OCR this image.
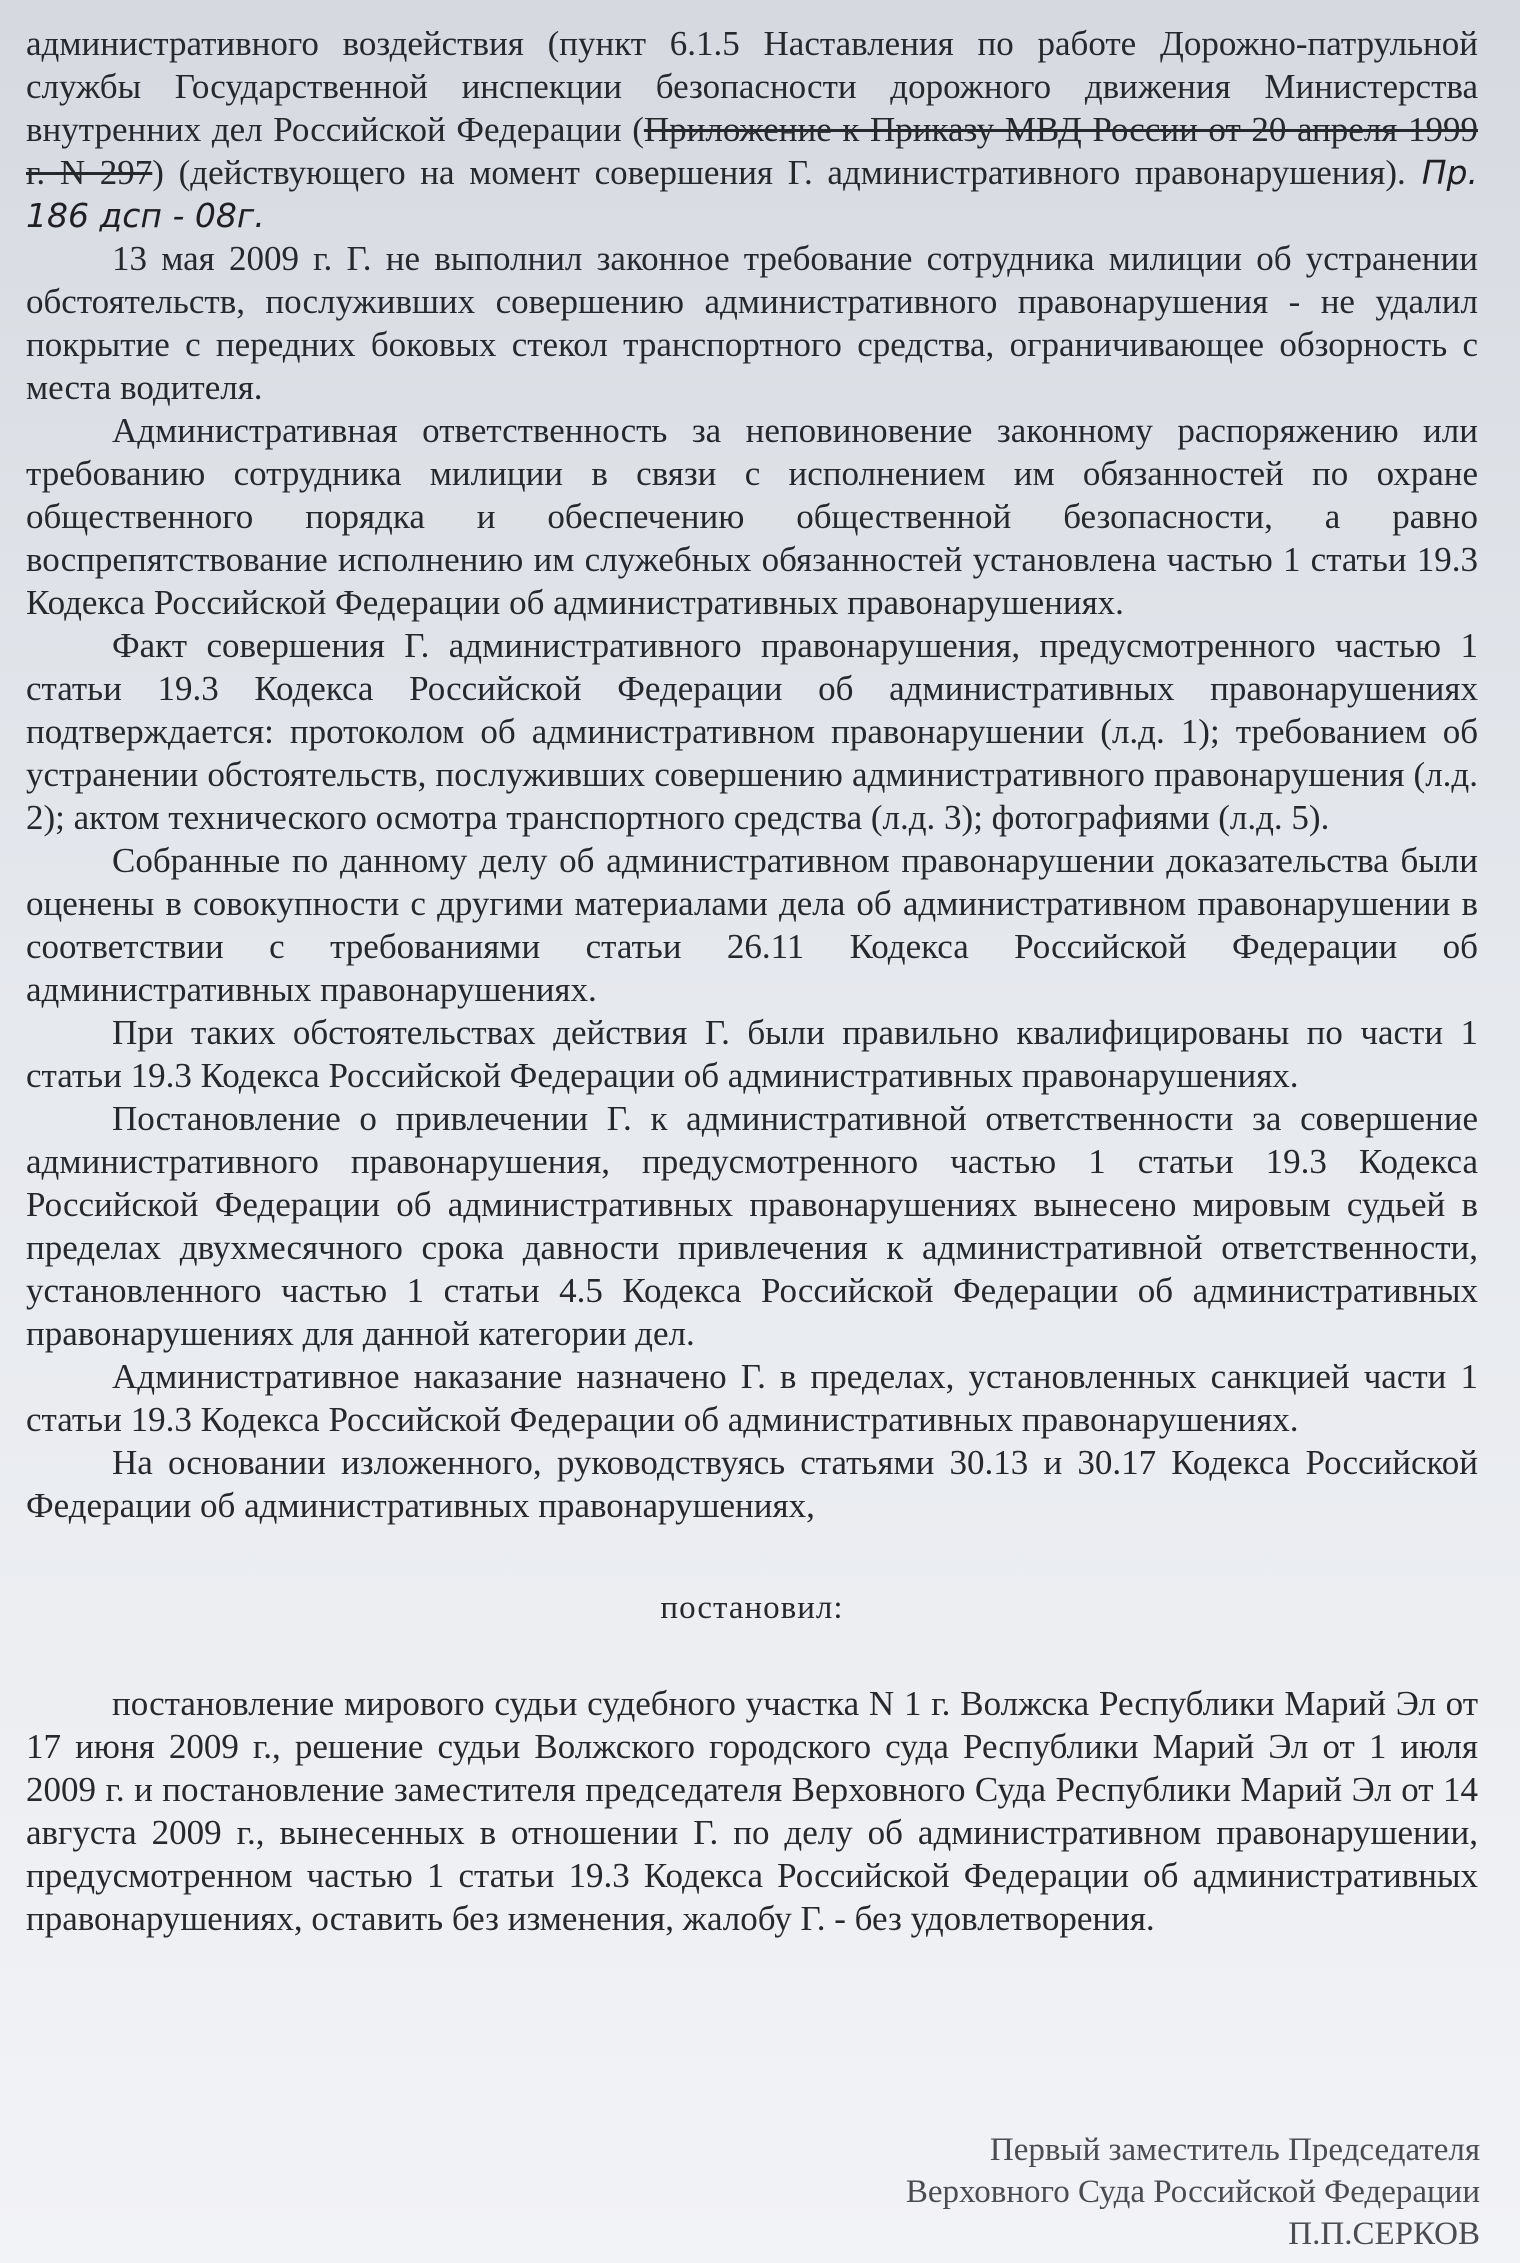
административного воздействия (пункт 6.1.5 Наставления по работе Дорожно-патрульной службы Государственной инспекции безопасности дорожного движения Министерства внутренних дел Российской Федерации (Приложение к Приказу МВД России от 20 апреля 1999 г. N 297) (действующего на момент совершения Г. административного правонарушения). Пр. 186 дсп - 08г.

13 мая 2009 г. Г. не выполнил законное требование сотрудника милиции об устранении обстоятельств, послуживших совершению административного правонарушения - не удалил покрытие с передних боковых стекол транспортного средства, ограничивающее обзорность с места водителя.

Административная ответственность за неповиновение законному распоряжению или требованию сотрудника милиции в связи с исполнением им обязанностей по охране общественного порядка и обеспечению общественной безопасности, а равно воспрепятствование исполнению им служебных обязанностей установлена частью 1 статьи 19.3 Кодекса Российской Федерации об административных правонарушениях.

Факт совершения Г. административного правонарушения, предусмотренного частью 1 статьи 19.3 Кодекса Российской Федерации об административных правонарушениях подтверждается: протоколом об административном правонарушении (л.д. 1); требованием об устранении обстоятельств, послуживших совершению административного правонарушения (л.д. 2); актом технического осмотра транспортного средства (л.д. 3); фотографиями (л.д. 5).

Собранные по данному делу об административном правонарушении доказательства были оценены в совокупности с другими материалами дела об административном правонарушении в соответствии с требованиями статьи 26.11 Кодекса Российской Федерации об административных правонарушениях.

При таких обстоятельствах действия Г. были правильно квалифицированы по части 1 статьи 19.3 Кодекса Российской Федерации об административных правонарушениях.

Постановление о привлечении Г. к административной ответственности за совершение административного правонарушения, предусмотренного частью 1 статьи 19.3 Кодекса Российской Федерации об административных правонарушениях вынесено мировым судьей в пределах двухмесячного срока давности привлечения к административной ответственности, установленного частью 1 статьи 4.5 Кодекса Российской Федерации об административных правонарушениях для данной категории дел.

Административное наказание назначено Г. в пределах, установленных санкцией части 1 статьи 19.3 Кодекса Российской Федерации об административных правонарушениях.

На основании изложенного, руководствуясь статьями 30.13 и 30.17 Кодекса Российской Федерации об административных правонарушениях,

постановил:

постановление мирового судьи судебного участка N 1 г. Волжска Республики Марий Эл от 17 июня 2009 г., решение судьи Волжского городского суда Республики Марий Эл от 1 июля 2009 г. и постановление заместителя председателя Верховного Суда Республики Марий Эл от 14 августа 2009 г., вынесенных в отношении Г. по делу об административном правонарушении, предусмотренном частью 1 статьи 19.3 Кодекса Российской Федерации об административных правонарушениях, оставить без изменения, жалобу Г. - без удовлетворения.

Первый заместитель Председателя
Верховного Суда Российской Федерации
П.П.СЕРКОВ
